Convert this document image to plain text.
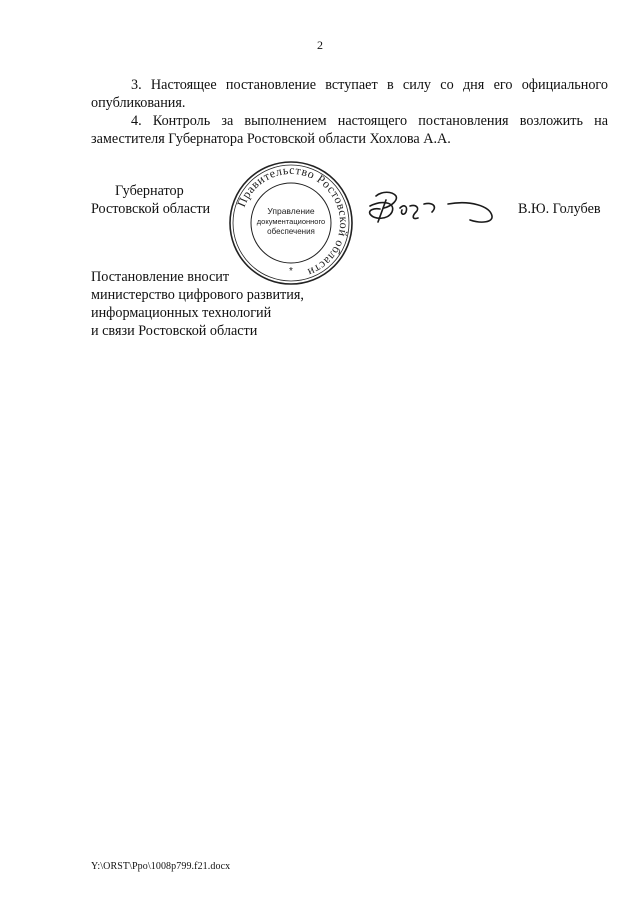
2

3. Настоящее постановление вступает в силу со дня его официального опубликования.

4. Контроль за выполнением настоящего постановления возложить на заместителя Губернатора Ростовской области Хохлова А.А.

Губернатор
Ростовской области Правительство Ростовской области
Управление
документационного
обеспечения
*
В.Ю. Голубев
Постановление вносит
министерство цифрового развития,
информационных технологий
и связи Ростовской области
Y:\ORST\Ppo\1008p799.f21.docx
